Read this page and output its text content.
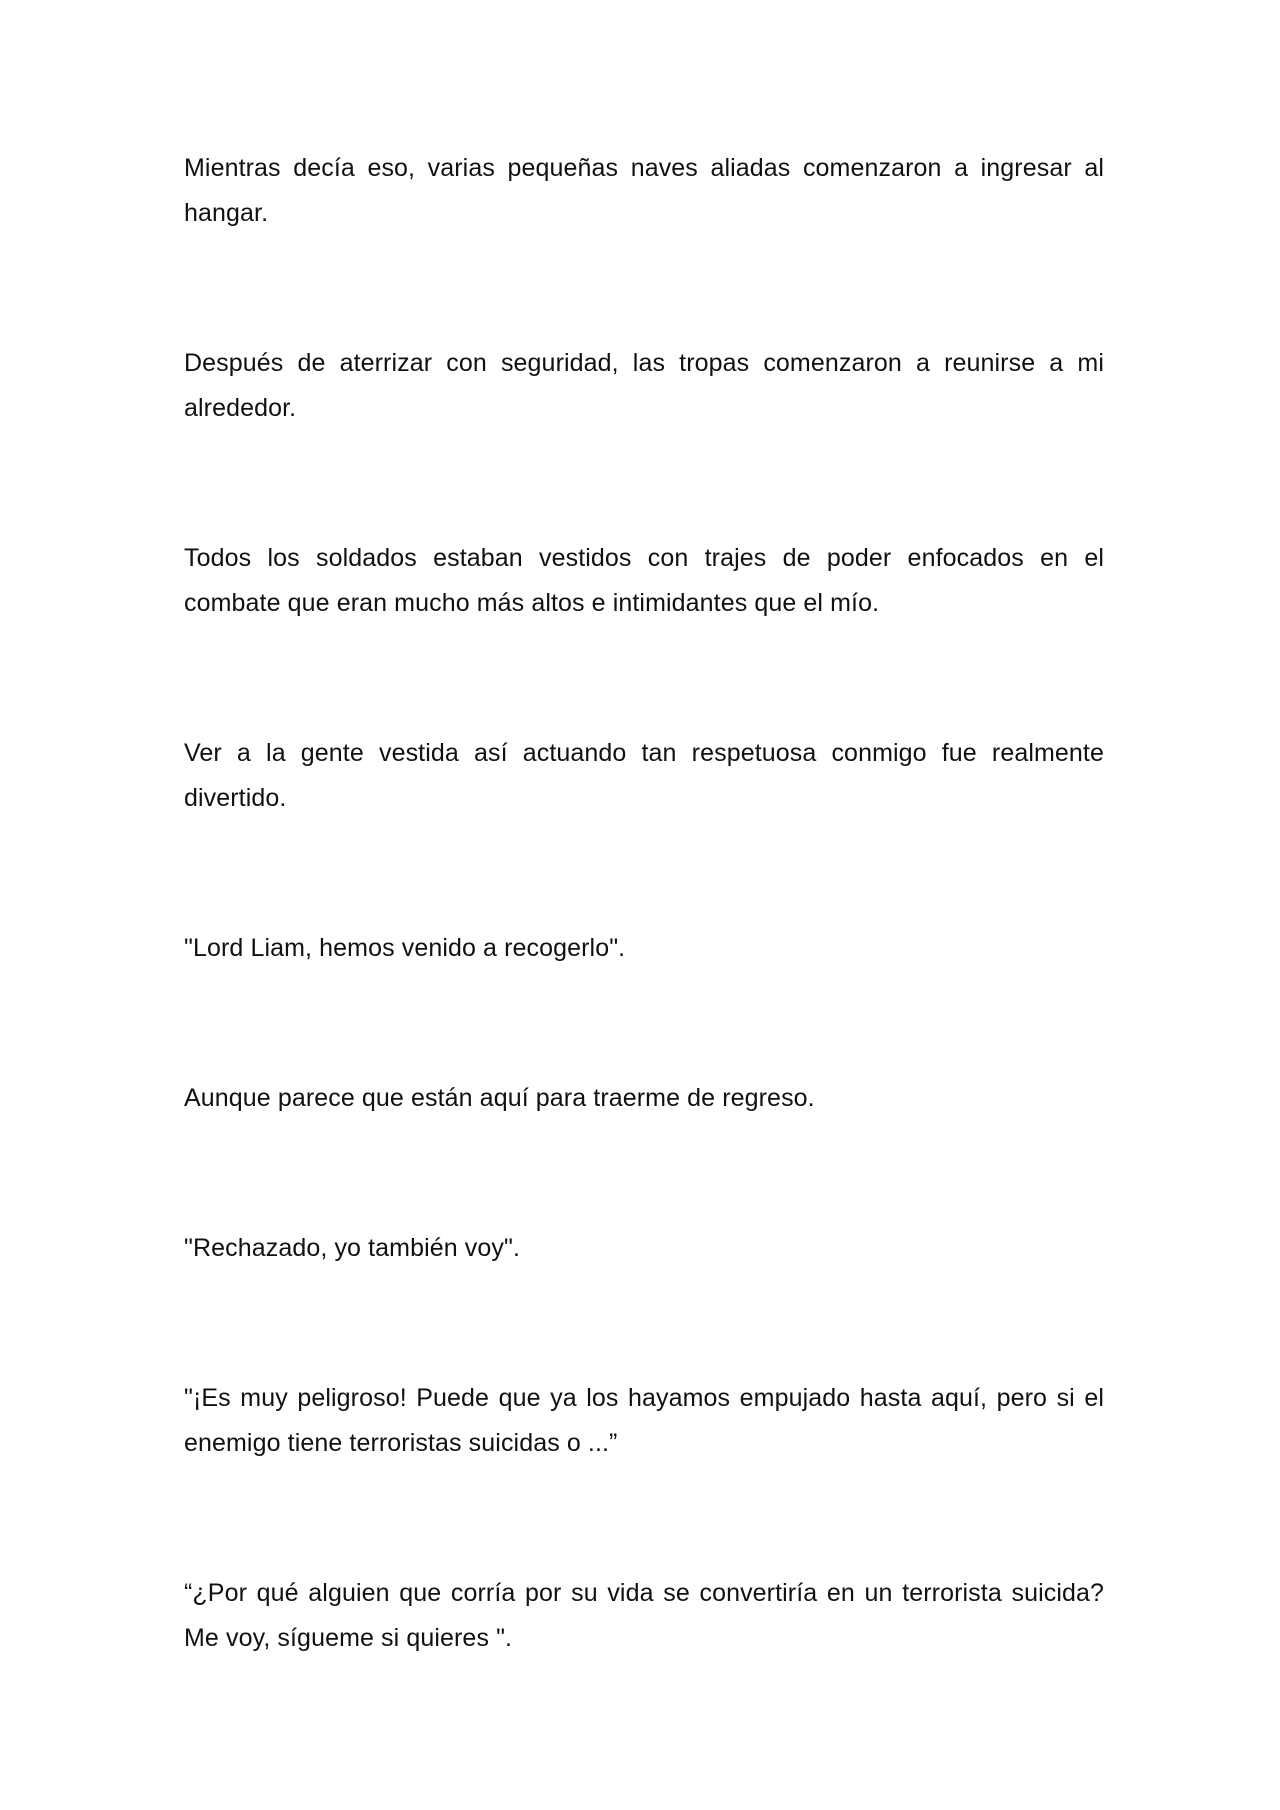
Mientras decía eso, varias pequeñas naves aliadas comenzaron a ingresar al hangar.

Después de aterrizar con seguridad, las tropas comenzaron a reunirse a mi alrededor.

Todos los soldados estaban vestidos con trajes de poder enfocados en el combate que eran mucho más altos e intimidantes que el mío.

Ver a la gente vestida así actuando tan respetuosa conmigo fue realmente divertido.

"Lord Liam, hemos venido a recogerlo".

Aunque parece que están aquí para traerme de regreso.

"Rechazado, yo también voy".

"¡Es muy peligroso! Puede que ya los hayamos empujado hasta aquí, pero si el enemigo tiene terroristas suicidas o ...”

“¿Por qué alguien que corría por su vida se convertiría en un terrorista suicida? Me voy, sígueme si quieres ".
